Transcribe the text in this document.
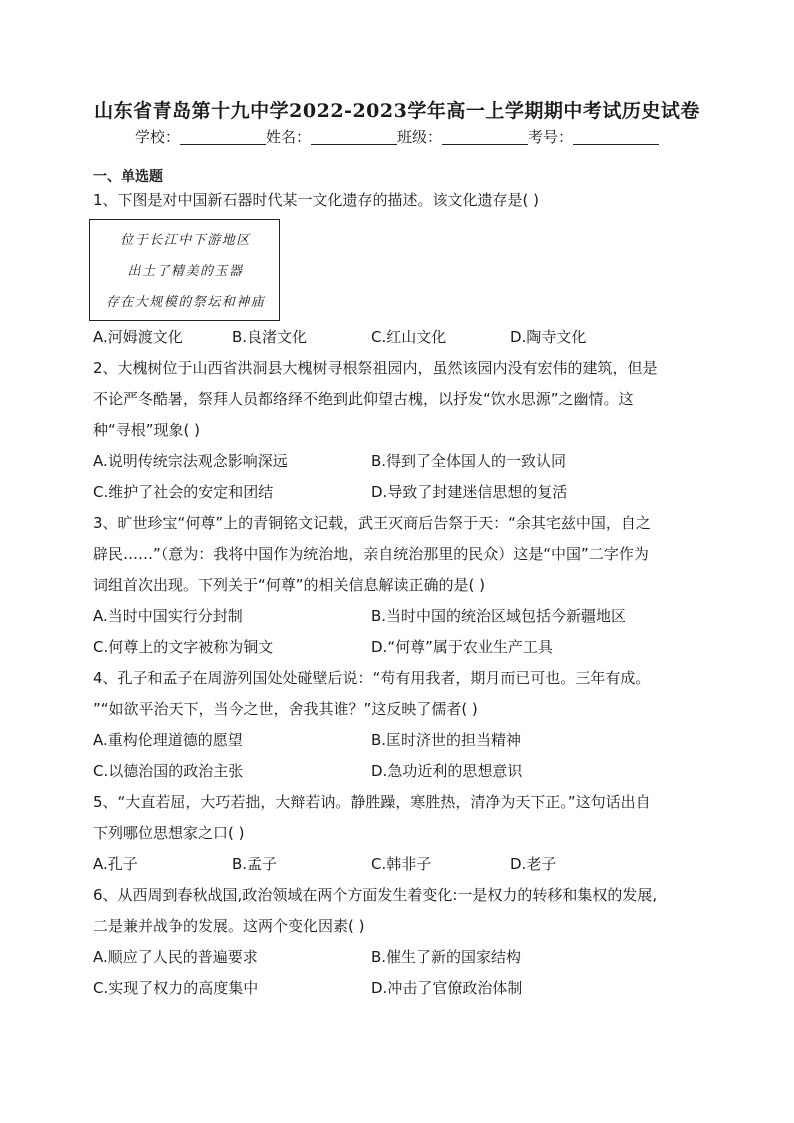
山东省青岛第十九中学2022-2023学年高一上学期期中考试历史试卷
学校：	姓名：	班级：	考号：
一、单选题
1、下图是对中国新石器时代某一文化遗存的描述。该文化遗存是( )
位于长江中下游地区
出土了精美的玉器
存在大规模的祭坛和神庙
A.河姆渡文化	B.良渚文化	C.红山文化	D.陶寺文化
2、大槐树位于山西省洪洞县大槐树寻根祭祖园内，虽然该园内没有宏伟的建筑，但是
不论严冬酷暑，祭拜人员都络绎不绝到此仰望古槐，以抒发“饮水思源”之幽情。这
种“寻根”现象( )
A.说明传统宗法观念影响深远	B.得到了全体国人的一致认同
C.维护了社会的安定和团结	D.导致了封建迷信思想的复活
3、旷世珍宝“何尊”上的青铜铭文记载，武王灭商后告祭于天：“余其宅兹中国，自之
辟民……”（意为：我将中国作为统治地，亲自统治那里的民众）这是“中国”二字作为
词组首次出现。下列关于“何尊”的相关信息解读正确的是( )
A.当时中国实行分封制	B.当时中国的统治区域包括今新疆地区
C.何尊上的文字被称为铜文	D.“何尊”属于农业生产工具
4、孔子和孟子在周游列国处处碰壁后说：“苟有用我者，期月而已可也。三年有成。
”“如欲平治天下，当今之世，舍我其谁？”这反映了儒者( )
A.重构伦理道德的愿望	B.匡时济世的担当精神
C.以德治国的政治主张	D.急功近利的思想意识
5、“大直若屈，大巧若拙，大辩若讷。静胜躁，寒胜热，清净为天下正。”这句话出自
下列哪位思想家之口( )
A.孔子	B.孟子	C.韩非子	D.老子
6、从西周到春秋战国,政治领域在两个方面发生着变化:一是权力的转移和集权的发展,
二是兼并战争的发展。这两个变化因素( )
A.顺应了人民的普遍要求	B.催生了新的国家结构
C.实现了权力的高度集中	D.冲击了官僚政治体制
